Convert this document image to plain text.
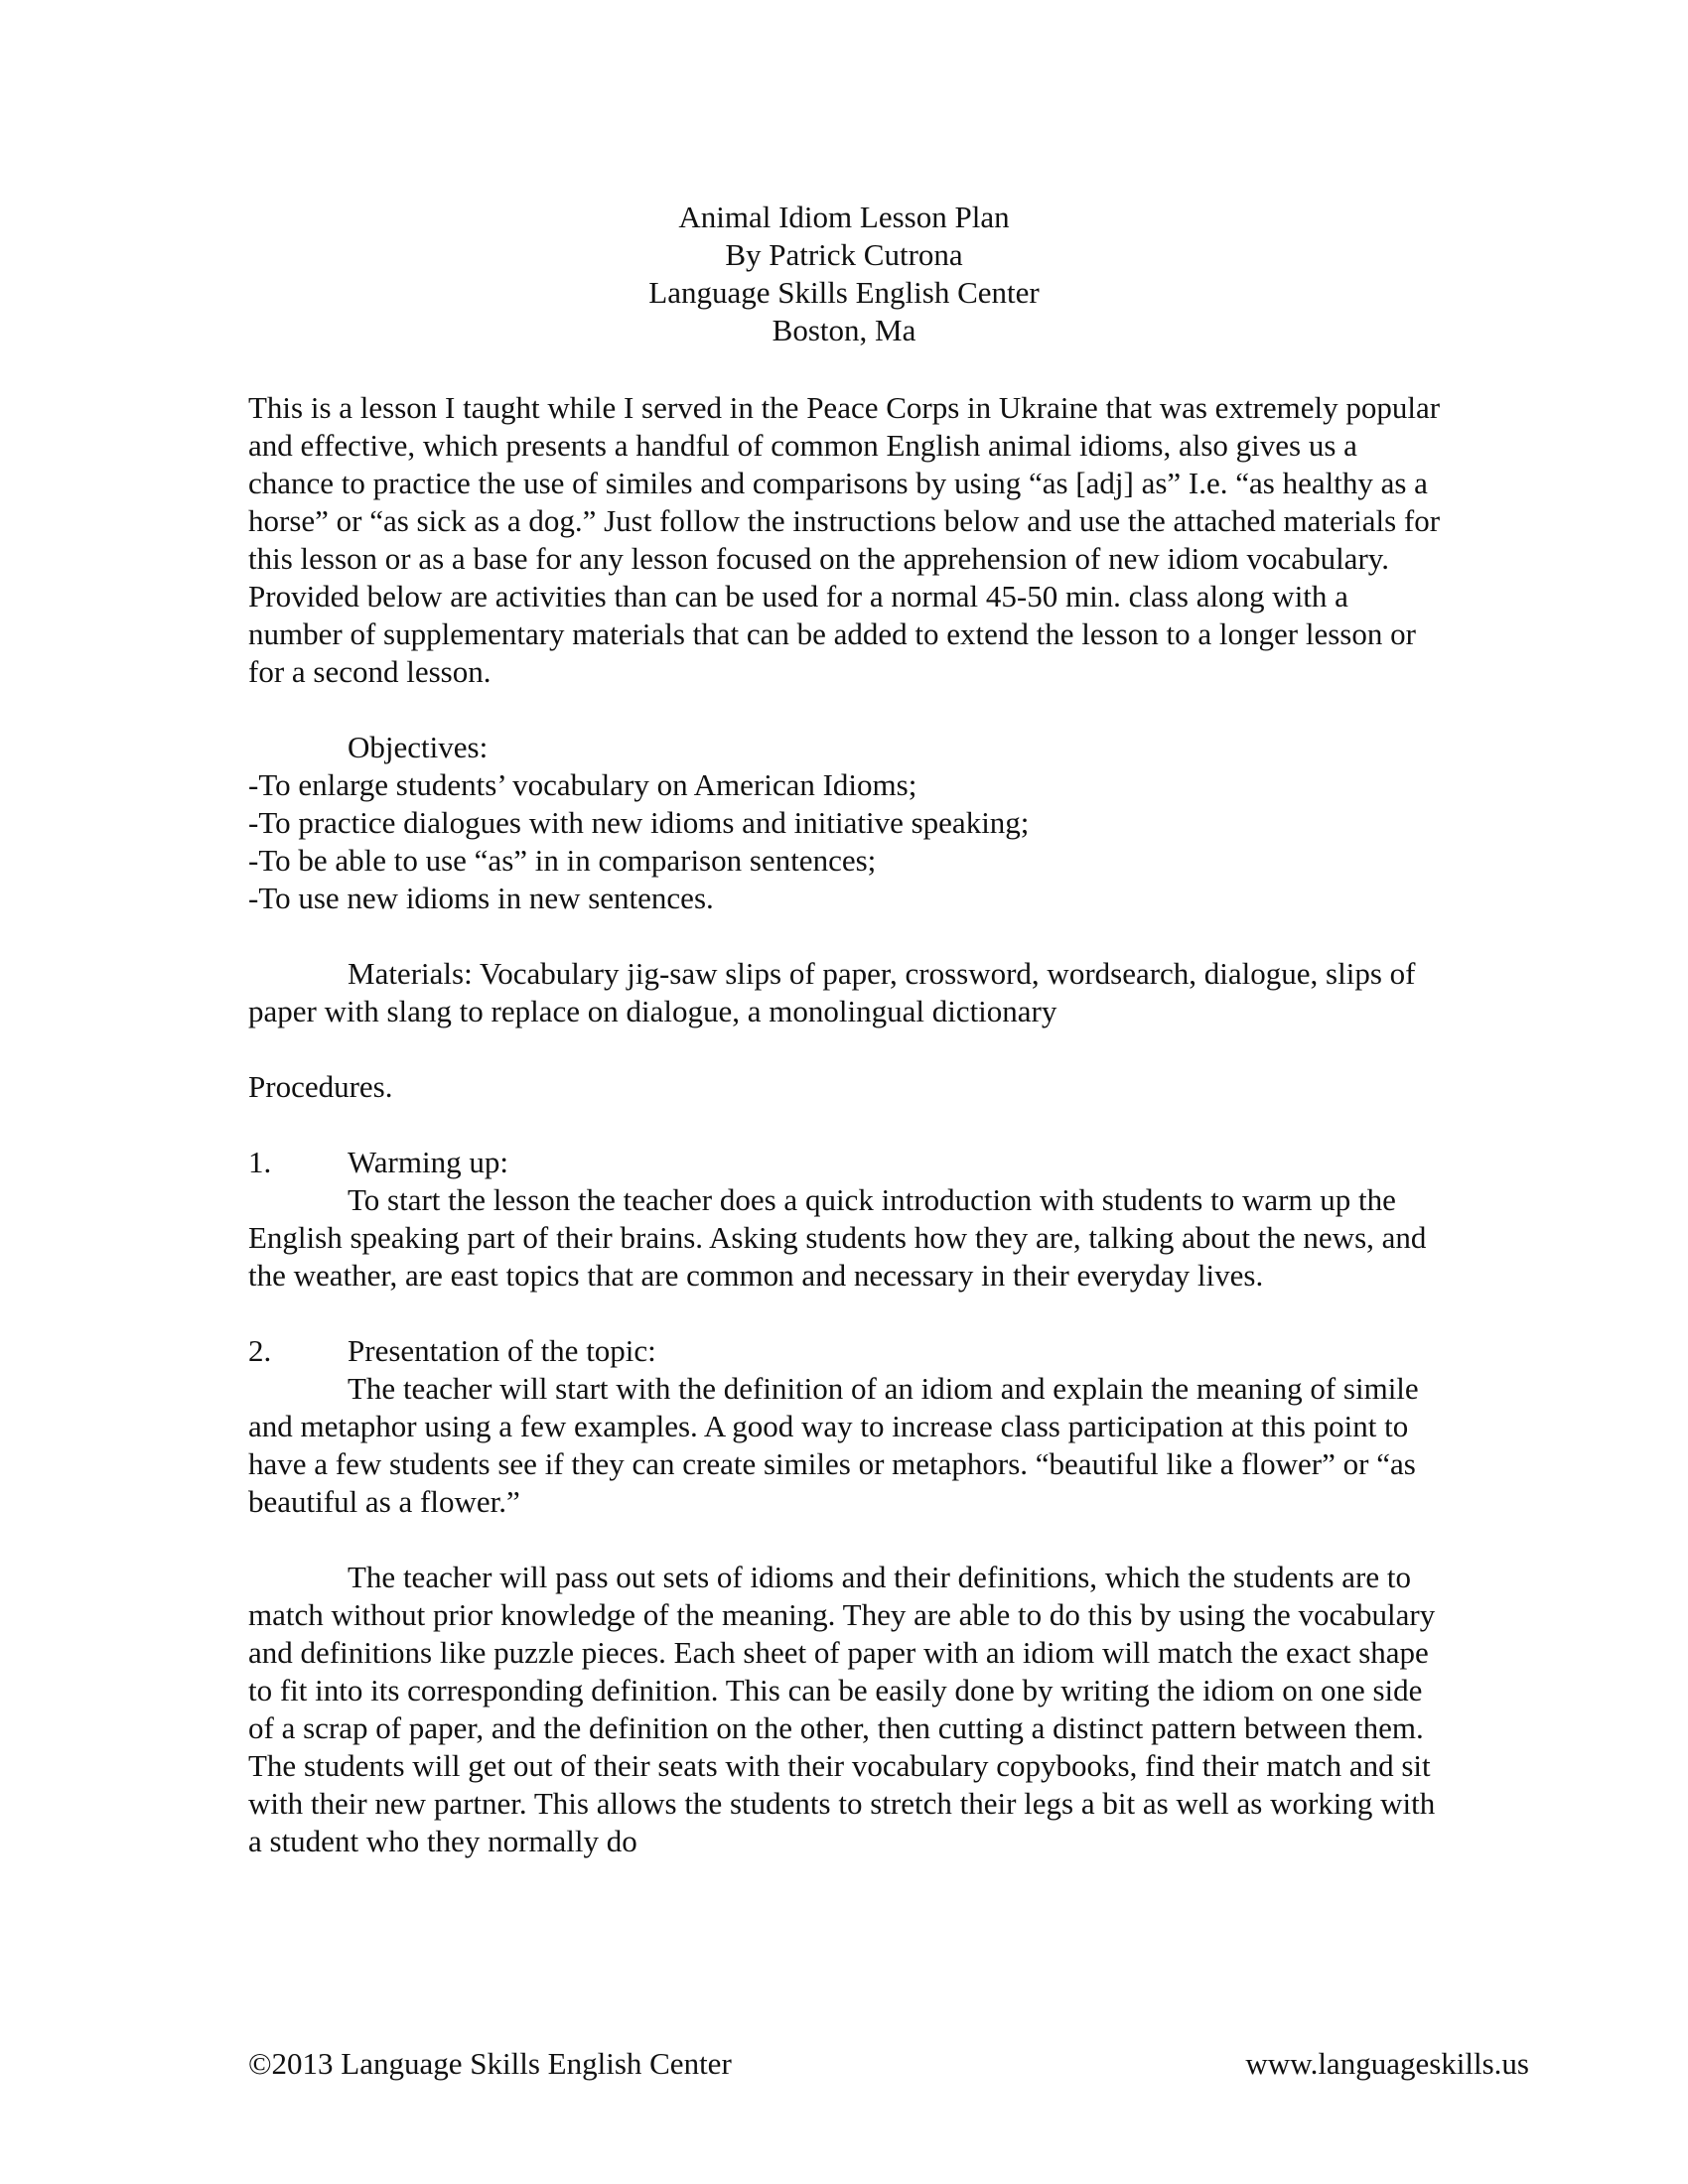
Animal Idiom Lesson Plan
By Patrick Cutrona
Language Skills English Center
Boston, Ma

This is a lesson I taught while I served in the Peace Corps in Ukraine that was extremely popular and effective, which presents a handful of common English animal idioms, also gives us a chance to practice the use of similes and comparisons by using “as [adj] as” I.e. “as healthy as a horse” or “as sick as a dog.” Just follow the instructions below and use the attached materials for this lesson or as a base for any lesson focused on the apprehension of new idiom vocabulary. Provided below are activities than can be used for a normal 45-50 min. class along with a number of supplementary materials that can be added to extend the lesson to a longer lesson or for a second lesson.

Objectives:

-To enlarge students’ vocabulary on American Idioms;

-To practice dialogues with new idioms and initiative speaking;

-To be able to use “as” in in comparison sentences;

-To use new idioms in new sentences.

Materials: Vocabulary jig-saw slips of paper, crossword, wordsearch, dialogue, slips of paper with slang to replace on dialogue, a monolingual dictionary

Procedures.

1.	Warming up:

To start the lesson the teacher does a quick introduction with students to warm up the English speaking part of their brains. Asking students how they are, talking about the news, and the weather, are east topics that are common and necessary in their everyday lives.

2.	Presentation of the topic:

The teacher will start with the definition of an idiom and explain the meaning of simile and metaphor using a few examples. A good way to increase class participation at this point to have a few students see if they can create similes or metaphors. “beautiful like a flower” or “as beautiful as a flower.”

The teacher will pass out sets of idioms and their definitions, which the students are to match without prior knowledge of the meaning. They are able to do this by using the vocabulary and definitions like puzzle pieces. Each sheet of paper with an idiom will match the exact shape to fit into its corresponding definition. This can be easily done by writing the idiom on one side of a scrap of paper, and the definition on the other, then cutting a distinct pattern between them. The students will get out of their seats with their vocabulary copybooks, find their match and sit with their new partner. This allows the students to stretch their legs a bit as well as working with a student who they normally do

©2013 Language Skills English Center	www.languageskills.us
